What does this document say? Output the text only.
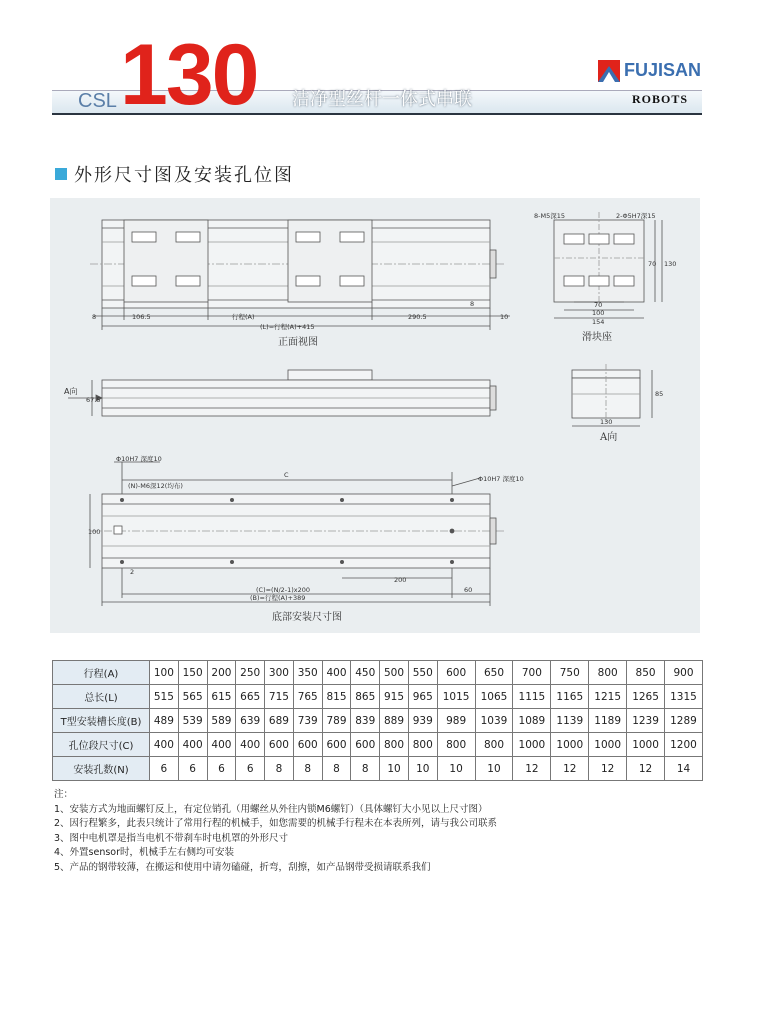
CSL 130 洁净型丝杆一体式串联
FUJISAN
ROBOTS
外形尺寸图及安装孔位图
正面视图
8	106.5	行程(A)	290.5	10
8
(L)=行程(A)+415
滑块座
8-M5深15	2-Φ5H7深15
70
100
154
70 130
A向
67.5
A向
130
85
底部安装尺寸图
Φ10H7 深度10
(N)-M6深12(均布)
Φ10H7 深度10
C
200
2
100
(C)=(N/2-1)x200	60
(B)=行程(A)+389
行程(A)	100	150	200	250	300	350	400	450	500	550	600	650	700	750	800	850	900
总长(L)	515	565	615	665	715	765	815	865	915	965	1015	1065	1115	1165	1215	1265	1315
T型安装槽长度(B)	489	539	589	639	689	739	789	839	889	939	989	1039	1089	1139	1189	1239	1289
孔位段尺寸(C)	400	400	400	400	600	600	600	600	800	800	800	800	1000	1000	1000	1000	1200
安装孔数(N)	6	6	6	6	8	8	8	8	10	10	10	10	12	12	12	12	14
注：
1、安装方式为地面螺钉反上，有定位销孔（用螺丝从外往内锁M6螺钉）（具体螺钉大小见以上尺寸图）
2、因行程繁多，此表只统计了常用行程的机械手，如您需要的机械手行程未在本表所列，请与我公司联系
3、图中电机罩是指当电机不带刹车时电机罩的外形尺寸
4、外置sensor时，机械手左右侧均可安装
5、产品的钢带较薄，在搬运和使用中请勿磕碰，折弯，刮擦，如产品钢带受损请联系我们
